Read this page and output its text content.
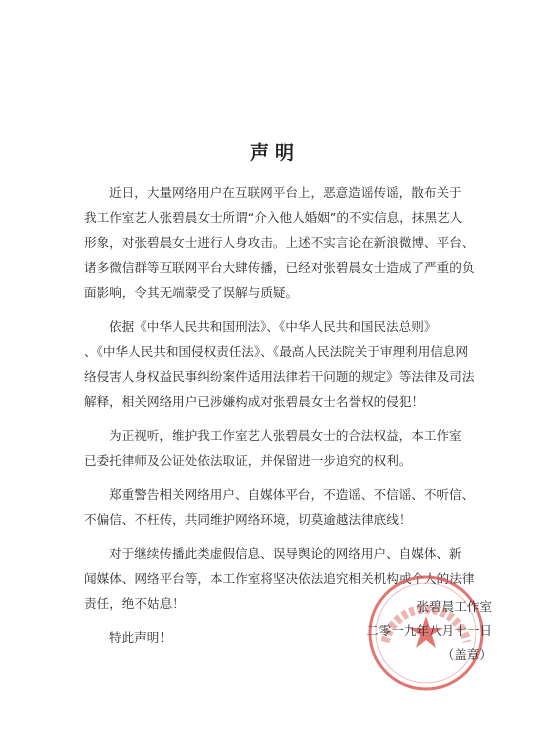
声明

近日，大量网络用户在互联网平台上，恶意造谣传谣，散布关于
我工作室艺人张碧晨女士所谓“介入他人婚姻”的不实信息，抹黑艺人
形象，对张碧晨女士进行人身攻击。上述不实言论在新浪微博、平台、
诸多微信群等互联网平台大肆传播，已经对张碧晨女士造成了严重的负
面影响，令其无端蒙受了误解与质疑。

依据《中华人民共和国刑法》、《中华人民共和国民法总则》
、《中华人民共和国侵权责任法》、《最高人民法院关于审理利用信息网
络侵害人身权益民事纠纷案件适用法律若干问题的规定》等法律及司法
解释，相关网络用户已涉嫌构成对张碧晨女士名誉权的侵犯！

为正视听，维护我工作室艺人张碧晨女士的合法权益，本工作室
已委托律师及公证处依法取证，并保留进一步追究的权利。

郑重警告相关网络用户、自媒体平台，不造谣、不信谣、不听信、
不偏信、不枉传，共同维护网络环境，切莫逾越法律底线！

对于继续传播此类虚假信息、误导舆论的网络用户、自媒体、新
闻媒体、网络平台等，本工作室将坚决依法追究相关机构或个人的法律
责任，绝不姑息！

特此声明！

张碧晨工作室
二零一九年八月十一日
（盖章）
